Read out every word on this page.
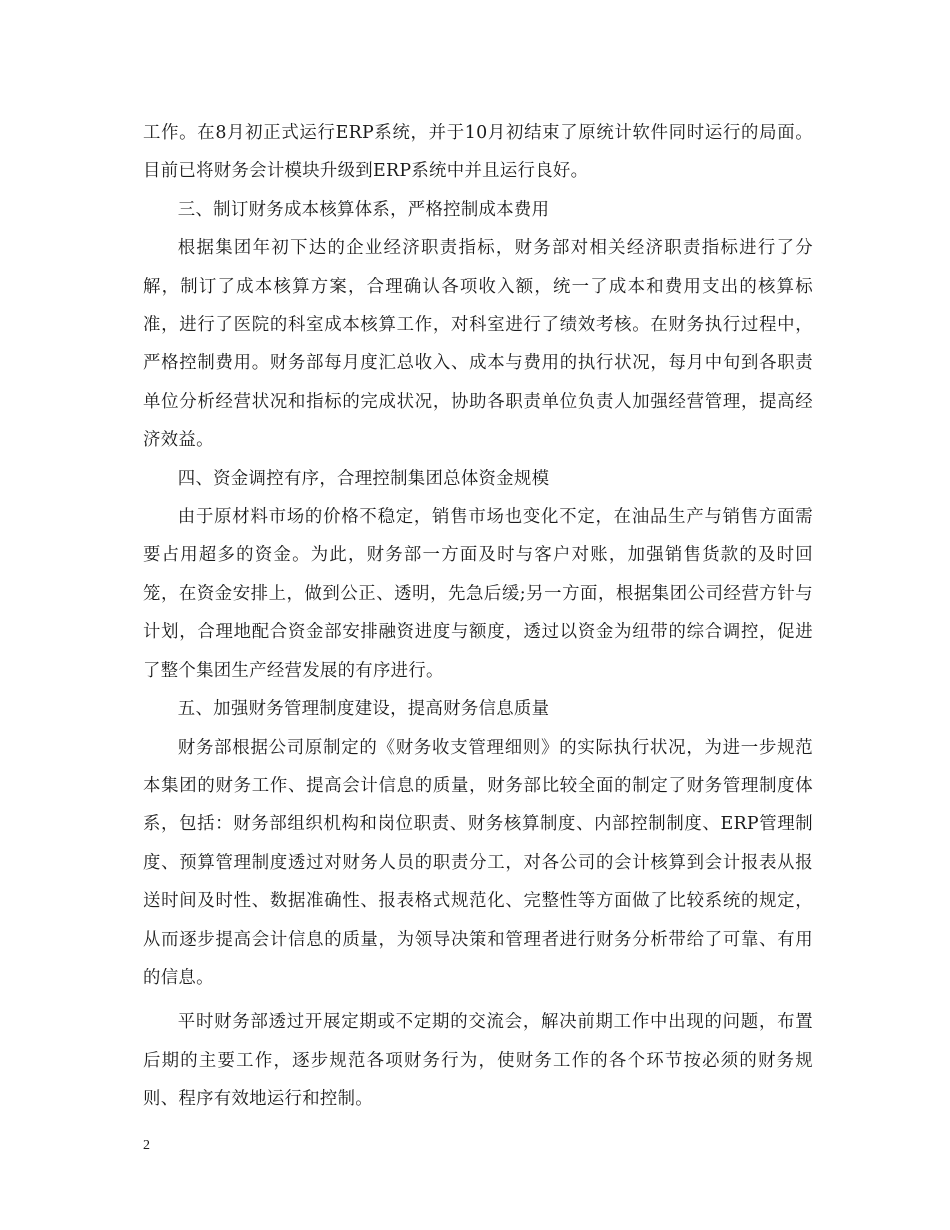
工作。在8月初正式运行ERP系统，并于10月初结束了原统计软件同时运行的局面。目前已将财务会计模块升级到ERP系统中并且运行良好。

三、制订财务成本核算体系，严格控制成本费用

根据集团年初下达的企业经济职责指标，财务部对相关经济职责指标进行了分解，制订了成本核算方案，合理确认各项收入额，统一了成本和费用支出的核算标准，进行了医院的科室成本核算工作，对科室进行了绩效考核。在财务执行过程中，严格控制费用。财务部每月度汇总收入、成本与费用的执行状况，每月中旬到各职责单位分析经营状况和指标的完成状况，协助各职责单位负责人加强经营管理，提高经济效益。

四、资金调控有序，合理控制集团总体资金规模

由于原材料市场的价格不稳定，销售市场也变化不定，在油品生产与销售方面需要占用超多的资金。为此，财务部一方面及时与客户对账，加强销售货款的及时回笼，在资金安排上，做到公正、透明，先急后缓;另一方面，根据集团公司经营方针与计划，合理地配合资金部安排融资进度与额度，透过以资金为纽带的综合调控，促进了整个集团生产经营发展的有序进行。

五、加强财务管理制度建设，提高财务信息质量

财务部根据公司原制定的《财务收支管理细则》的实际执行状况，为进一步规范本集团的财务工作、提高会计信息的质量，财务部比较全面的制定了财务管理制度体系，包括：财务部组织机构和岗位职责、财务核算制度、内部控制制度、ERP管理制度、预算管理制度透过对财务人员的职责分工，对各公司的会计核算到会计报表从报送时间及时性、数据准确性、报表格式规范化、完整性等方面做了比较系统的规定，从而逐步提高会计信息的质量，为领导决策和管理者进行财务分析带给了可靠、有用的信息。

平时财务部透过开展定期或不定期的交流会，解决前期工作中出现的问题，布置后期的主要工作，逐步规范各项财务行为，使财务工作的各个环节按必须的财务规则、程序有效地运行和控制。

2
